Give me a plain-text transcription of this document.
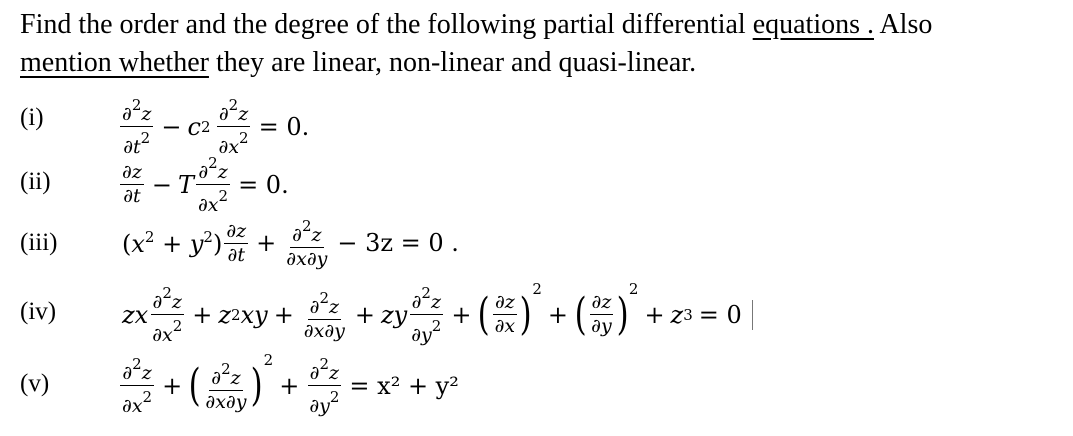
Find the order and the degree of the following partial differential equations . Also
mention whether they are linear, non-linear and quasi-linear.

(i)	$\frac{\partial^2z}{\partial t^2} - c$ $2 \frac{\partial^2z}{\partial x^2} = 0$.
(ii)	$\frac{\partial z}{\partial t} - T \frac{\partial^2z}{\partial x^2} = 0$.
(iii)	$(x^2 + y^2) \frac{\partial z}{\partial t} + \frac{\partial^2z}{\partial x\partial y} - 3z = 0$ .
(iv)	zx $\frac{\partial^2z}{\partial x^2} + z$ 2 xy + $\frac{\partial^2z}{\partial x\partial y}$ + zy $\frac{\partial^2z}{\partial y^2}$ + ( $\frac{\partial z}{\partial x}$ ) 2
+ ( $\frac{\partial z}{\partial y}$ ) 2
+ z 3 = 0
(v)	$\frac{\partial^2z}{\partial x^2}$ + ( $\frac{\partial^2z}{\partial x\partial y}$ ) 2
+ $\frac{\partial^2z}{\partial y^2} = x^2 + y^2$
